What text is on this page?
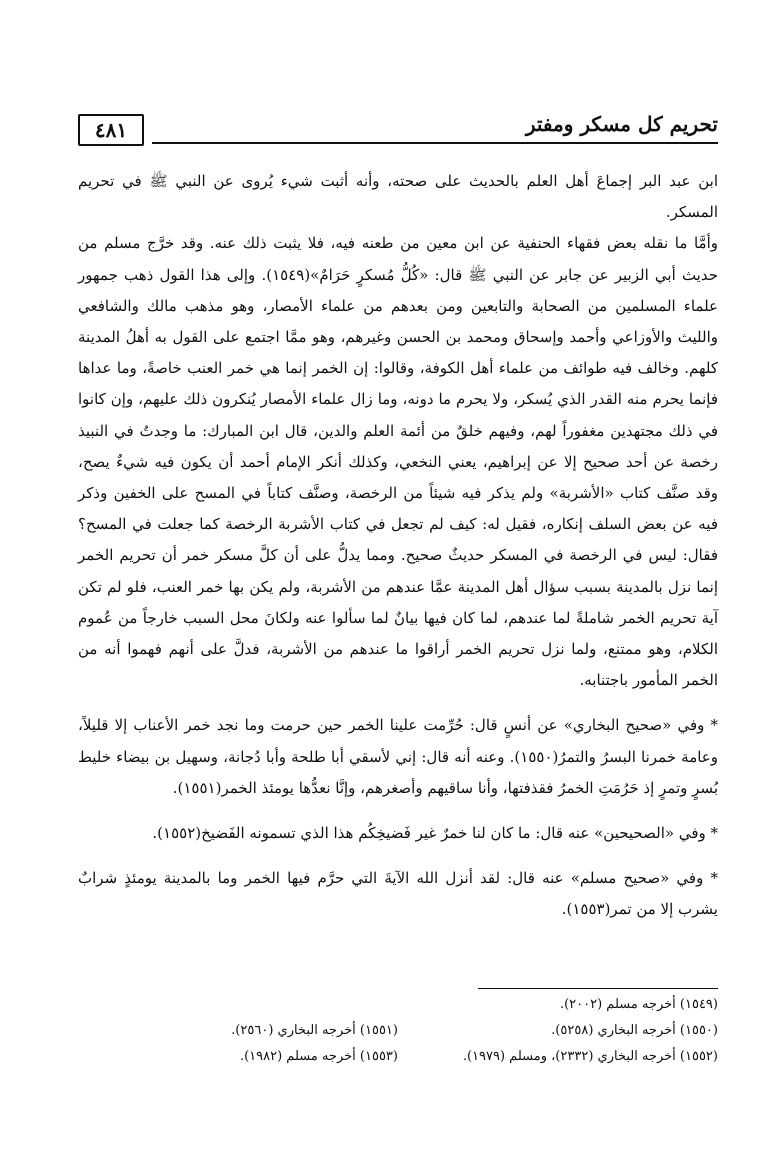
٤٨١	تحريم كل مسكر ومفتر

ابن عبد البر إجماعَ أهل العلم بالحديث على صحته، وأنه أثبت شيء يُروى عن النبي ﷺ في تحريم المسكر.

وأمَّا ما نقله بعض فقهاء الحنفية عن ابن معين من طعنه فيه، فلا يثبت ذلك عنه. وقد خرَّج مسلم من حديث أبي الزبير عن جابر عن النبي ﷺ قال: «كُلُّ مُسكرٍ حَرَامٌ»(١٥٤٩). وإلى هذا القول ذهب جمهور علماء المسلمين من الصحابة والتابعين ومن بعدهم من علماء الأمصار، وهو مذهب مالك والشافعي والليث والأوزاعي وأحمد وإسحاق ومحمد بن الحسن وغيرهم، وهو ممَّا اجتمع على القول به أهلُ المدينة كلهم. وخالف فيه طوائف من علماء أهل الكوفة، وقالوا: إن الخمر إنما هي خمر العنب خاصةً، وما عداها فإنما يحرم منه القدر الذي يُسكر، ولا يحرم ما دونه، وما زال علماء الأمصار يُنكرون ذلك عليهم، وإن كانوا في ذلك مجتهدين مغفوراً لهم، وفيهم خلقٌ من أئمة العلم والدين، قال ابن المبارك: ما وجدتُ في النبيذ رخصة عن أحد صحيح إلا عن إبراهيم، يعني النخعي، وكذلك أنكر الإمام أحمد أن يكون فيه شيءٌ يصح، وقد صنَّف كتاب «الأشربة» ولم يذكر فيه شيئاً من الرخصة، وصنَّف كتاباً في المسح على الخفين وذكر فيه عن بعض السلف إنكاره، فقيل له: كيف لم تجعل في كتاب الأشربة الرخصة كما جعلت في المسح؟ فقال: ليس في الرخصة في المسكر حديثٌ صحيح. ومما يدلُّ على أن كلَّ مسكر خمر أن تحريم الخمر إنما نزل بالمدينة بسبب سؤال أهل المدينة عمَّا عندهم من الأشربة، ولم يكن بها خمر العنب، فلو لم تكن آية تحريم الخمر شاملةً لما عندهم، لما كان فيها بيانٌ لما سألوا عنه ولكانَ محل السبب خارجاً من عُموم الكلام، وهو ممتنع، ولما نزل تحريم الخمر أراقوا ما عندهم من الأشربة، فدلَّ على أنهم فهموا أنه من الخمر المأمور باجتنابه.

* وفي «صحيح البخاري» عن أنسٍ قال: حُرِّمت علينا الخمر حين حرمت وما نجد خمر الأعناب إلا قليلاً، وعامة خمرنا البسرُ والتمرُ(١٥٥٠). وعنه أنه قال: إني لأسقي أبا طلحة وأبا دُجانة، وسهيل بن بيضاء خليط بُسرٍ وتمرٍ إذ حَرُمَتِ الخمرُ فقذفتها، وأنا ساقيهم وأصغرهم، وإنَّا نعدُّها يومئذ الخمر(١٥٥١).

* وفي «الصحيحين» عنه قال: ما كان لنا خمرٌ غير فَضيخِكُم هذا الذي تسمونه الفَضيخ(١٥٥٢).

* وفي «صحيح مسلم» عنه قال: لقد أنزل الله الآيةَ التي حرَّم فيها الخمر وما بالمدينة يومئذٍ شرابٌ يشرب إلا من تمر(١٥٥٣).

(١٥٤٩) أخرجه مسلم (٢٠٠٢).
(١٥٥٠) أخرجه البخاري (٥٢٥٨).
(١٥٥١) أخرجه البخاري (٢٥٦٠).
(١٥٥٢) أخرجه البخاري (٢٣٣٢)، ومسلم (١٩٧٩).
(١٥٥٣) أخرجه مسلم (١٩٨٢).
